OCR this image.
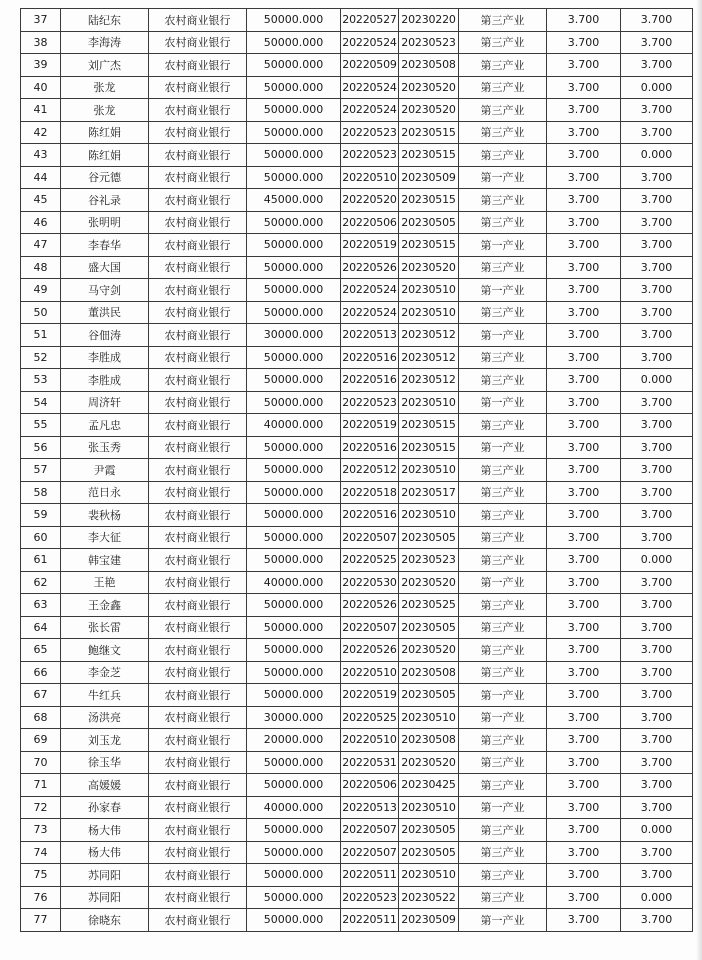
37	陆纪东	农村商业银行	50000.000	20220527	20230220	第三产业	3.700	3.700
38	李海涛	农村商业银行	50000.000	20220524	20230523	第三产业	3.700	3.700
39	刘广杰	农村商业银行	50000.000	20220509	20230508	第三产业	3.700	3.700
40	张龙	农村商业银行	50000.000	20220524	20230520	第三产业	3.700	0.000
41	张龙	农村商业银行	50000.000	20220524	20230520	第三产业	3.700	3.700
42	陈红娟	农村商业银行	50000.000	20220523	20230515	第三产业	3.700	3.700
43	陈红娟	农村商业银行	50000.000	20220523	20230515	第三产业	3.700	0.000
44	谷元德	农村商业银行	50000.000	20220510	20230509	第一产业	3.700	3.700
45	谷礼录	农村商业银行	45000.000	20220520	20230515	第三产业	3.700	3.700
46	张明明	农村商业银行	50000.000	20220506	20230505	第三产业	3.700	3.700
47	李春华	农村商业银行	50000.000	20220519	20230515	第一产业	3.700	3.700
48	盛大国	农村商业银行	50000.000	20220526	20230520	第三产业	3.700	3.700
49	马守剑	农村商业银行	50000.000	20220524	20230510	第一产业	3.700	3.700
50	董洪民	农村商业银行	50000.000	20220524	20230510	第三产业	3.700	3.700
51	谷佃涛	农村商业银行	30000.000	20220513	20230512	第一产业	3.700	3.700
52	李胜成	农村商业银行	50000.000	20220516	20230512	第三产业	3.700	3.700
53	李胜成	农村商业银行	50000.000	20220516	20230512	第三产业	3.700	0.000
54	周济轩	农村商业银行	50000.000	20220523	20230510	第一产业	3.700	3.700
55	孟凡忠	农村商业银行	40000.000	20220519	20230515	第三产业	3.700	3.700
56	张玉秀	农村商业银行	50000.000	20220516	20230515	第一产业	3.700	3.700
57	尹霞	农村商业银行	50000.000	20220512	20230510	第三产业	3.700	3.700
58	范日永	农村商业银行	50000.000	20220518	20230517	第三产业	3.700	3.700
59	裴秋杨	农村商业银行	50000.000	20220516	20230510	第三产业	3.700	3.700
60	李大征	农村商业银行	50000.000	20220507	20230505	第三产业	3.700	3.700
61	韩宝建	农村商业银行	50000.000	20220525	20230523	第三产业	3.700	0.000
62	王艳	农村商业银行	40000.000	20220530	20230520	第一产业	3.700	3.700
63	王金鑫	农村商业银行	50000.000	20220526	20230525	第三产业	3.700	3.700
64	张长雷	农村商业银行	50000.000	20220507	20230505	第三产业	3.700	3.700
65	鲍继文	农村商业银行	50000.000	20220526	20230520	第三产业	3.700	3.700
66	李金芝	农村商业银行	50000.000	20220510	20230508	第三产业	3.700	3.700
67	牛红兵	农村商业银行	50000.000	20220519	20230505	第一产业	3.700	3.700
68	汤洪亮	农村商业银行	30000.000	20220525	20230510	第一产业	3.700	3.700
69	刘玉龙	农村商业银行	20000.000	20220510	20230508	第三产业	3.700	3.700
70	徐玉华	农村商业银行	50000.000	20220531	20230520	第三产业	3.700	3.700
71	高媛媛	农村商业银行	50000.000	20220506	20230425	第三产业	3.700	3.700
72	孙家春	农村商业银行	40000.000	20220513	20230510	第一产业	3.700	3.700
73	杨大伟	农村商业银行	50000.000	20220507	20230505	第三产业	3.700	0.000
74	杨大伟	农村商业银行	50000.000	20220507	20230505	第三产业	3.700	3.700
75	苏同阳	农村商业银行	50000.000	20220511	20230510	第三产业	3.700	3.700
76	苏同阳	农村商业银行	50000.000	20220523	20230522	第三产业	3.700	0.000
77	徐晓东	农村商业银行	50000.000	20220511	20230509	第一产业	3.700	3.700
